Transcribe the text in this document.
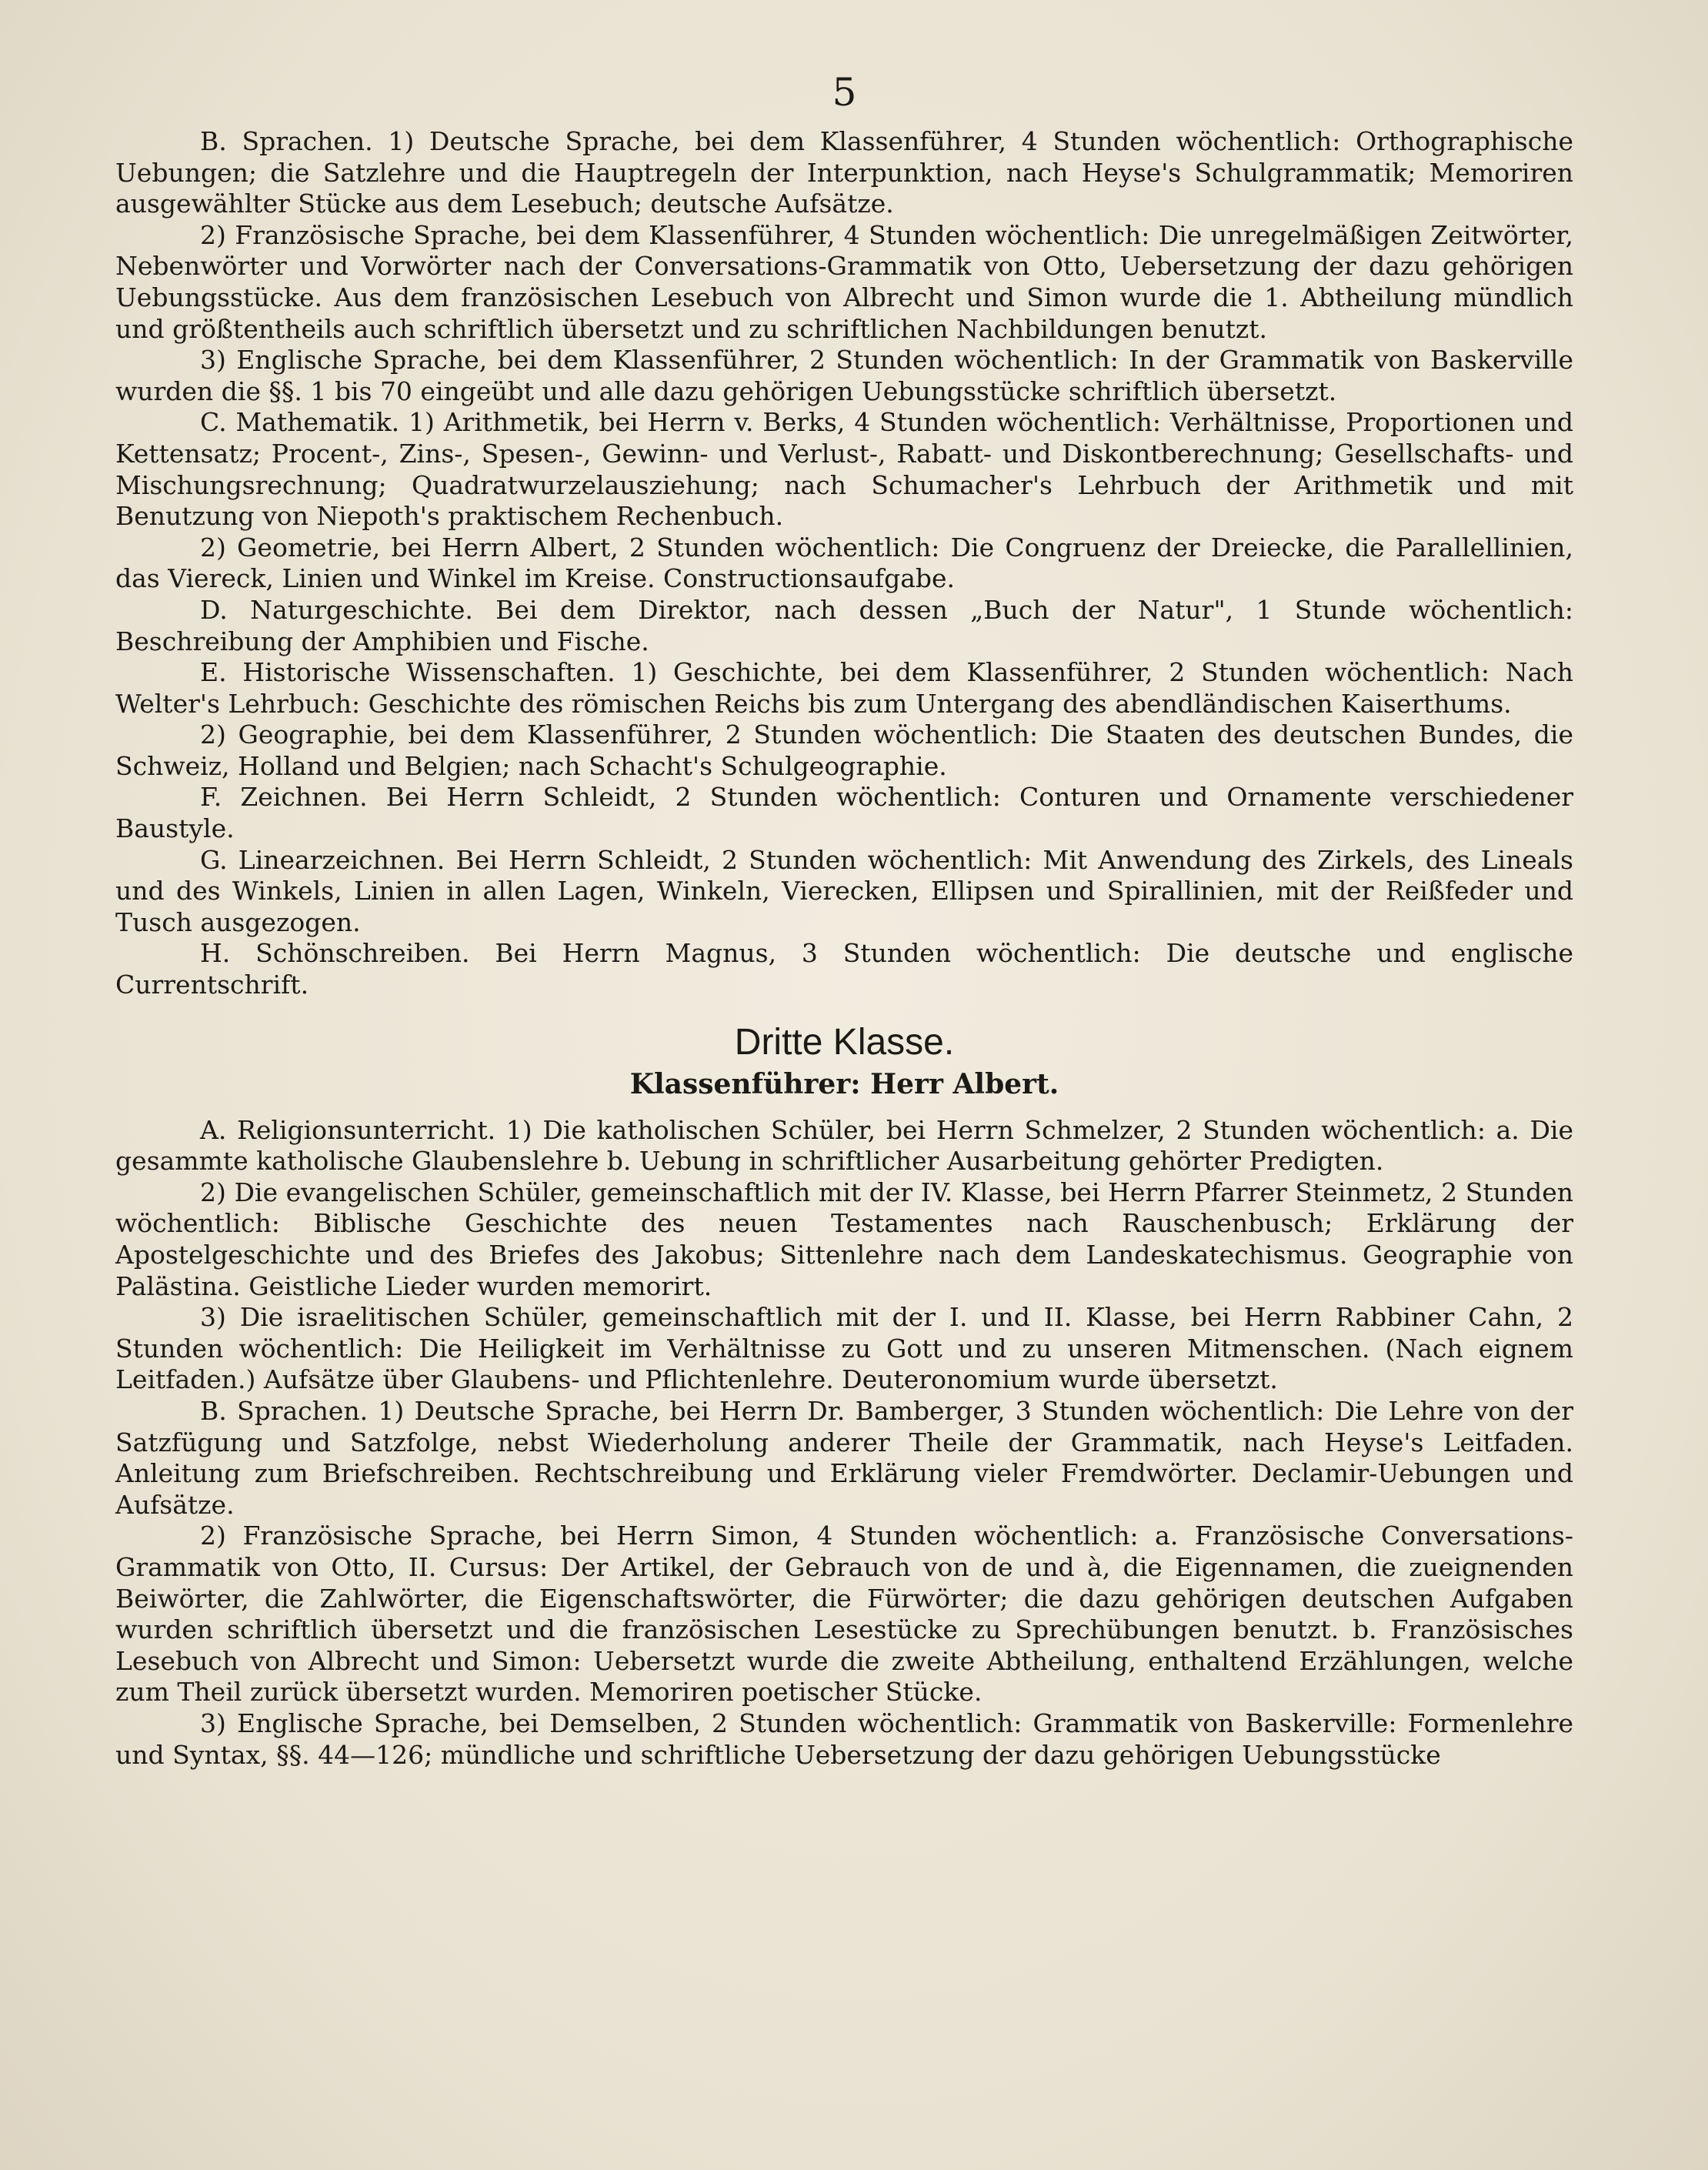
5

B. Sprachen. 1) Deutsche Sprache, bei dem Klassenführer, 4 Stunden wöchentlich: Orthographische Uebungen; die Satzlehre und die Hauptregeln der Interpunktion, nach Heyse's Schulgrammatik; Memoriren ausgewählter Stücke aus dem Lesebuch; deutsche Aufsätze.

2) Französische Sprache, bei dem Klassenführer, 4 Stunden wöchentlich: Die unregelmäßigen Zeitwörter, Nebenwörter und Vorwörter nach der Conversations-Grammatik von Otto, Uebersetzung der dazu gehörigen Uebungsstücke. Aus dem französischen Lesebuch von Albrecht und Simon wurde die 1. Abtheilung mündlich und größtentheils auch schriftlich übersetzt und zu schriftlichen Nachbildungen benutzt.

3) Englische Sprache, bei dem Klassenführer, 2 Stunden wöchentlich: In der Grammatik von Baskerville wurden die §§. 1 bis 70 eingeübt und alle dazu gehörigen Uebungsstücke schriftlich übersetzt.

C. Mathematik. 1) Arithmetik, bei Herrn v. Berks, 4 Stunden wöchentlich: Verhältnisse, Proportionen und Kettensatz; Procent-, Zins-, Spesen-, Gewinn- und Verlust-, Rabatt- und Diskontberechnung; Gesellschafts- und Mischungsrechnung; Quadratwurzelausziehung; nach Schumacher's Lehrbuch der Arithmetik und mit Benutzung von Niepoth's praktischem Rechenbuch.

2) Geometrie, bei Herrn Albert, 2 Stunden wöchentlich: Die Congruenz der Dreiecke, die Parallellinien, das Viereck, Linien und Winkel im Kreise. Constructionsaufgabe.

D. Naturgeschichte. Bei dem Direktor, nach dessen „Buch der Natur", 1 Stunde wöchentlich: Beschreibung der Amphibien und Fische.

E. Historische Wissenschaften. 1) Geschichte, bei dem Klassenführer, 2 Stunden wöchentlich: Nach Welter's Lehrbuch: Geschichte des römischen Reichs bis zum Untergang des abendländischen Kaiserthums.

2) Geographie, bei dem Klassenführer, 2 Stunden wöchentlich: Die Staaten des deutschen Bundes, die Schweiz, Holland und Belgien; nach Schacht's Schulgeographie.

F. Zeichnen. Bei Herrn Schleidt, 2 Stunden wöchentlich: Conturen und Ornamente verschiedener Baustyle.

G. Linearzeichnen. Bei Herrn Schleidt, 2 Stunden wöchentlich: Mit Anwendung des Zirkels, des Lineals und des Winkels, Linien in allen Lagen, Winkeln, Vierecken, Ellipsen und Spirallinien, mit der Reißfeder und Tusch ausgezogen.

H. Schönschreiben. Bei Herrn Magnus, 3 Stunden wöchentlich: Die deutsche und englische Currentschrift.

Dritte Klasse.
Klassenführer: Herr Albert.

A. Religionsunterricht. 1) Die katholischen Schüler, bei Herrn Schmelzer, 2 Stunden wöchentlich: a. Die gesammte katholische Glaubenslehre b. Uebung in schriftlicher Ausarbeitung gehörter Predigten.

2) Die evangelischen Schüler, gemeinschaftlich mit der IV. Klasse, bei Herrn Pfarrer Steinmetz, 2 Stunden wöchentlich: Biblische Geschichte des neuen Testamentes nach Rauschenbusch; Erklärung der Apostelgeschichte und des Briefes des Jakobus; Sittenlehre nach dem Landeskatechismus. Geographie von Palästina. Geistliche Lieder wurden memorirt.

3) Die israelitischen Schüler, gemeinschaftlich mit der I. und II. Klasse, bei Herrn Rabbiner Cahn, 2 Stunden wöchentlich: Die Heiligkeit im Verhältnisse zu Gott und zu unseren Mitmenschen. (Nach eignem Leitfaden.) Aufsätze über Glaubens- und Pflichtenlehre. Deuteronomium wurde übersetzt.

B. Sprachen. 1) Deutsche Sprache, bei Herrn Dr. Bamberger, 3 Stunden wöchentlich: Die Lehre von der Satzfügung und Satzfolge, nebst Wiederholung anderer Theile der Grammatik, nach Heyse's Leitfaden. Anleitung zum Briefschreiben. Rechtschreibung und Erklärung vieler Fremdwörter. Declamir-Uebungen und Aufsätze.

2) Französische Sprache, bei Herrn Simon, 4 Stunden wöchentlich: a. Französische Conversations-Grammatik von Otto, II. Cursus: Der Artikel, der Gebrauch von de und à, die Eigennamen, die zueignenden Beiwörter, die Zahlwörter, die Eigenschaftswörter, die Fürwörter; die dazu gehörigen deutschen Aufgaben wurden schriftlich übersetzt und die französischen Lesestücke zu Sprechübungen benutzt. b. Französisches Lesebuch von Albrecht und Simon: Uebersetzt wurde die zweite Abtheilung, enthaltend Erzählungen, welche zum Theil zurück übersetzt wurden. Memoriren poetischer Stücke.

3) Englische Sprache, bei Demselben, 2 Stunden wöchentlich: Grammatik von Baskerville: Formenlehre und Syntax, §§. 44—126; mündliche und schriftliche Uebersetzung der dazu gehörigen Uebungsstücke
